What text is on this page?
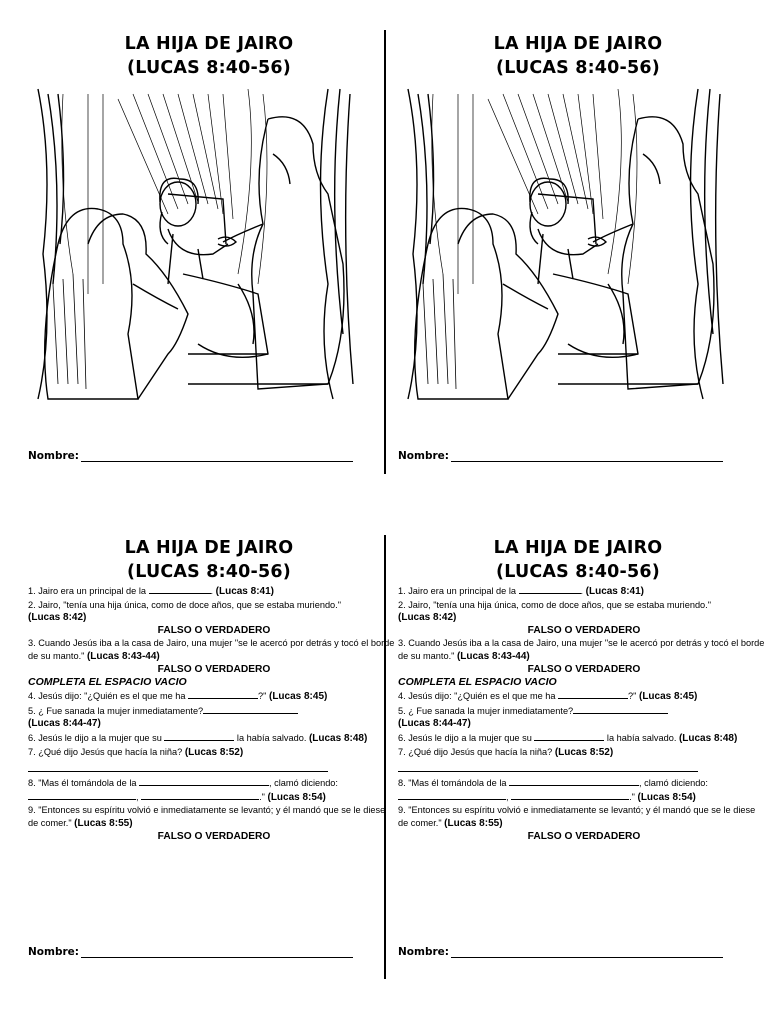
LA HIJA DE JAIRO
(LUCAS 8:40-56)
Nombre:
LA HIJA DE JAIRO
(LUCAS 8:40-56)
Nombre:
LA HIJA DE JAIRO
(LUCAS 8:40-56)
1. Jairo era un principal de la	. (Lucas 8:41)
2. Jairo, "tenía una hija única, como de doce años, que se estaba muriendo."
(Lucas 8:42)
FALSO O VERDADERO
3. Cuando Jesús iba a la casa de Jairo, una mujer "se le acercó por detrás y tocó el borde de su manto." (Lucas 8:43-44)
FALSO O VERDADERO
COMPLETA EL ESPACIO VACIO
4. Jesús dijo: "¿Quién es el que me ha	?" (Lucas 8:45)
5. ¿ Fue sanada la mujer inmediatamente?
(Lucas 8:44-47)
6. Jesús le dijo a la mujer que su	la había salvado. (Lucas 8:48)
7. ¿Qué dijo Jesús que hacía la niña? (Lucas 8:52)
8. "Mas él tomándola de la	, clamó diciendo:
,	." (Lucas 8:54)
9. "Entonces su espíritu volvió e inmediatamente se levantó; y él mandó que se le diese de comer." (Lucas 8:55)
FALSO O VERDADERO
Nombre:
LA HIJA DE JAIRO
(LUCAS 8:40-56)
1. Jairo era un principal de la	. (Lucas 8:41)
2. Jairo, "tenía una hija única, como de doce años, que se estaba muriendo."
(Lucas 8:42)
FALSO O VERDADERO
3. Cuando Jesús iba a la casa de Jairo, una mujer "se le acercó por detrás y tocó el borde de su manto." (Lucas 8:43-44)
FALSO O VERDADERO
COMPLETA EL ESPACIO VACIO
4. Jesús dijo: "¿Quién es el que me ha	?" (Lucas 8:45)
5. ¿ Fue sanada la mujer inmediatamente?
(Lucas 8:44-47)
6. Jesús le dijo a la mujer que su	la había salvado. (Lucas 8:48)
7. ¿Qué dijo Jesús que hacía la niña? (Lucas 8:52)
8. "Mas él tomándola de la	, clamó diciendo:
,	." (Lucas 8:54)
9. "Entonces su espíritu volvió e inmediatamente se levantó; y él mandó que se le diese de comer." (Lucas 8:55)
FALSO O VERDADERO
Nombre:
